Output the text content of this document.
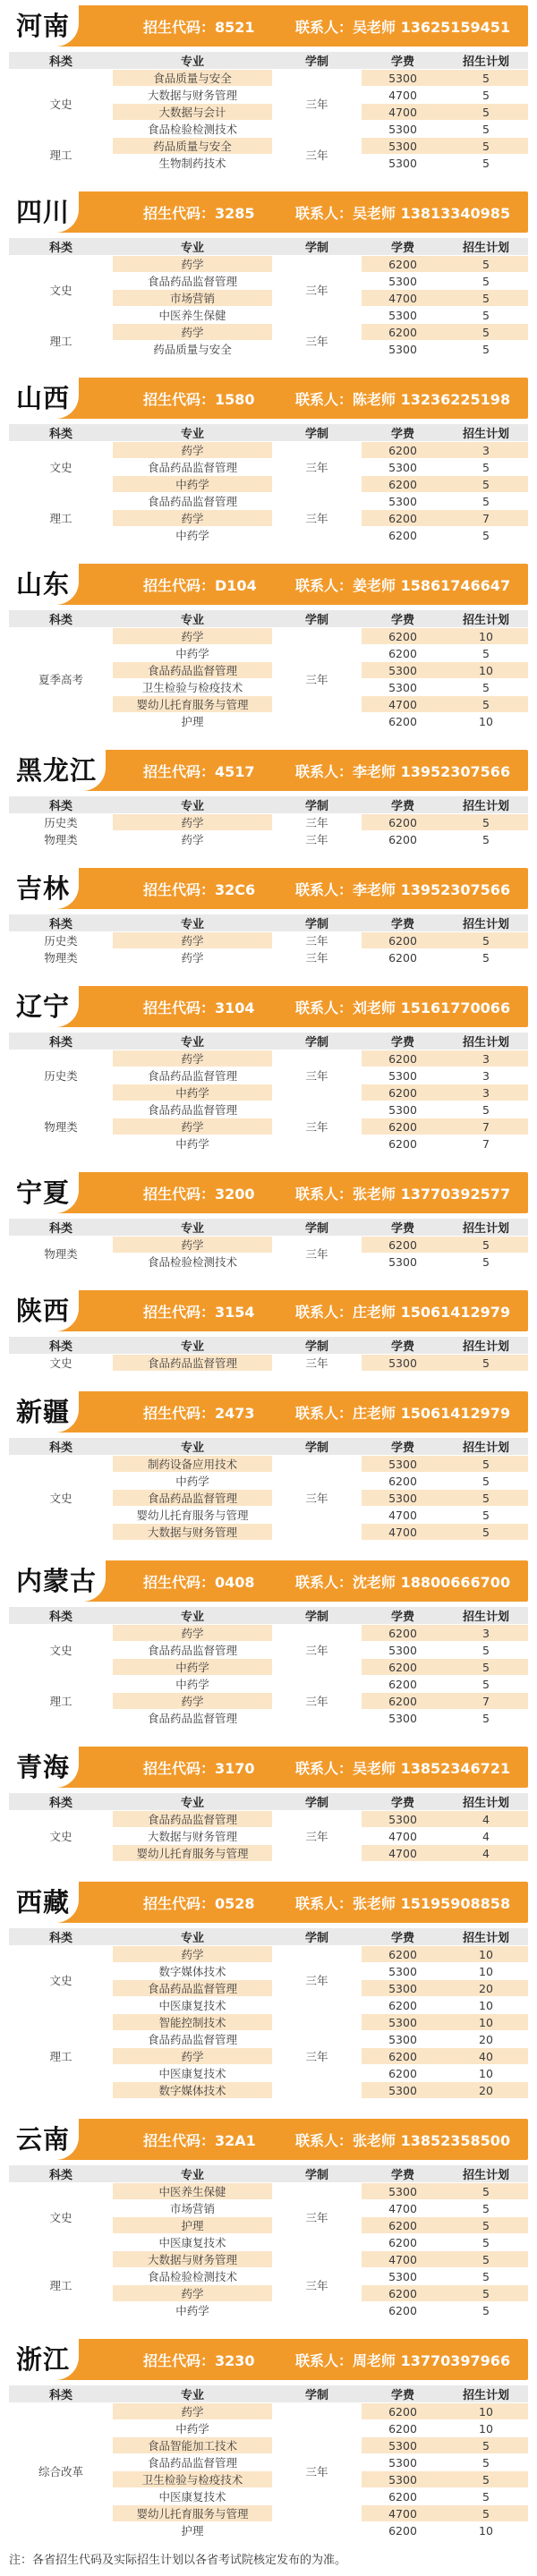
河南	招生代码：8521	联系人：吴老师 13625159451
科类	专业	学制	学费	招生计划
文史	食品质量与安全	三年	5300	5
	大数据与财务管理		4700	5
	大数据与会计		4700	5
	食品检验检测技术		5300	5
理工	药品质量与安全	三年	5300	5
	生物制药技术		5300	5
四川	招生代码：3285	联系人：吴老师 13813340985
科类	专业	学制	学费	招生计划
文史	药学	三年	6200	5
	食品药品监督管理		5300	5
	市场营销		4700	5
	中医养生保健		5300	5
理工	药学	三年	6200	5
	药品质量与安全		5300	5
山西	招生代码：1580	联系人：陈老师 13236225198
科类	专业	学制	学费	招生计划
文史	药学	三年	6200	3
	食品药品监督管理		5300	5
	中药学		6200	5
理工	食品药品监督管理	三年	5300	5
	药学		6200	7
	中药学		6200	5
山东	招生代码：D104	联系人：姜老师 15861746647
科类	专业	学制	学费	招生计划
夏季高考	药学	三年	6200	10
	中药学		6200	5
	食品药品监督管理		5300	10
	卫生检验与检疫技术		5300	5
	婴幼儿托育服务与管理		4700	5
	护理		6200	10
黑龙江	招生代码：4517	联系人：李老师 13952307566
科类	专业	学制	学费	招生计划
历史类	药学	三年	6200	5
物理类	药学	三年	6200	5
吉林	招生代码：32C6	联系人：李老师 13952307566
科类	专业	学制	学费	招生计划
历史类	药学	三年	6200	5
物理类	药学	三年	6200	5
辽宁	招生代码：3104	联系人：刘老师 15161770066
科类	专业	学制	学费	招生计划
历史类	药学	三年	6200	3
	食品药品监督管理		5300	3
	中药学		6200	3
物理类	食品药品监督管理	三年	5300	5
	药学		6200	7
	中药学		6200	7
宁夏	招生代码：3200	联系人：张老师 13770392577
科类	专业	学制	学费	招生计划
物理类	药学	三年	6200	5
	食品检验检测技术		5300	5
陕西	招生代码：3154	联系人：庄老师 15061412979
科类	专业	学制	学费	招生计划
文史	食品药品监督管理	三年	5300	5
新疆	招生代码：2473	联系人：庄老师 15061412979
科类	专业	学制	学费	招生计划
文史	制药设备应用技术	三年	5300	5
	中药学		6200	5
	食品药品监督管理		5300	5
	婴幼儿托育服务与管理		4700	5
	大数据与财务管理		4700	5
内蒙古	招生代码：0408	联系人：沈老师 18800666700
科类	专业	学制	学费	招生计划
文史	药学	三年	6200	3
	食品药品监督管理		5300	5
	中药学		6200	5
理工	中药学	三年	6200	5
	药学		6200	7
	食品药品监督管理		5300	5
青海	招生代码：3170	联系人：吴老师 13852346721
科类	专业	学制	学费	招生计划
文史	食品药品监督管理	三年	5300	4
	大数据与财务管理		4700	4
	婴幼儿托育服务与管理		4700	4
西藏	招生代码：0528	联系人：张老师 15195908858
科类	专业	学制	学费	招生计划
文史	药学	三年	6200	10
	数字媒体技术		5300	10
	食品药品监督管理		5300	20
	中医康复技术		6200	10
理工	智能控制技术	三年	5300	10
	食品药品监督管理		5300	20
	药学		6200	40
	中医康复技术		6200	10
	数字媒体技术		5300	20
云南	招生代码：32A1	联系人：张老师 13852358500
科类	专业	学制	学费	招生计划
文史	中医养生保健	三年	5300	5
	市场营销		4700	5
	护理		6200	5
	中医康复技术		6200	5
理工	大数据与财务管理	三年	4700	5
	食品检验检测技术		5300	5
	药学		6200	5
	中药学		6200	5
浙江	招生代码：3230	联系人：周老师 13770397966
科类	专业	学制	学费	招生计划
综合改革	药学	三年	6200	10
	中药学		6200	10
	食品智能加工技术		5300	5
	食品药品监督管理		5300	5
	卫生检验与检疫技术		5300	5
	中医康复技术		6200	5
	婴幼儿托育服务与管理		4700	5
	护理		6200	10
注：各省招生代码及实际招生计划以各省考试院核定发布的为准。
